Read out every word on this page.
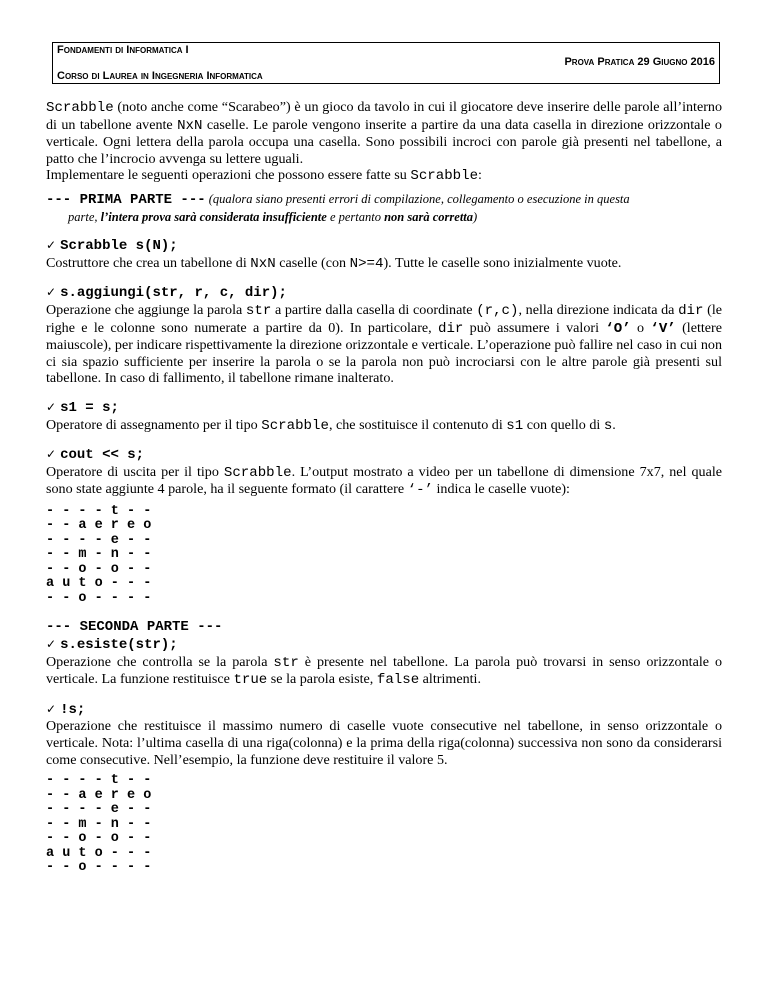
Fondamenti di Informatica I
Corso di Laurea in Ingegneria Informatica
Prova Pratica 29 Giugno 2016

Scrabble (noto anche come “Scarabeo”) è un gioco da tavolo in cui il giocatore deve inserire delle parole all’interno di un tabellone avente NxN caselle. Le parole vengono inserite a partire da una data casella in direzione orizzontale o verticale. Ogni lettera della parola occupa una casella. Sono possibili incroci con parole già presenti nel tabellone, a patto che l’incrocio avvenga su lettere uguali.

Implementare le seguenti operazioni che possono essere fatte su Scrabble:

--- PRIMA PARTE --- (qualora siano presenti errori di compilazione, collegamento o esecuzione in questa
parte, l’intera prova sarà considerata insufficiente e pertanto non sarà corretta)

✓ Scrabble s(N);

Costruttore che crea un tabellone di NxN caselle (con N>=4). Tutte le caselle sono inizialmente vuote.

✓ s.aggiungi(str, r, c, dir);

Operazione che aggiunge la parola str a partire dalla casella di coordinate (r,c), nella direzione indicata da dir (le righe e le colonne sono numerate a partire da 0). In particolare, dir può assumere i valori ‘O’ o ‘V’ (lettere maiuscole), per indicare rispettivamente la direzione orizzontale e verticale. L’operazione può fallire nel caso in cui non ci sia spazio sufficiente per inserire la parola o se la parola non può incrociarsi con le altre parole già presenti sul tabellone. In caso di fallimento, il tabellone rimane inalterato.

✓ s1 = s;

Operatore di assegnamento per il tipo Scrabble, che sostituisce il contenuto di s1 con quello di s.

✓ cout << s;

Operatore di uscita per il tipo Scrabble. L’output mostrato a video per un tabellone di dimensione 7x7, nel quale sono state aggiunte 4 parole, ha il seguente formato (il carattere ‘-’ indica le caselle vuote):

- - - - t - -
- - a e r e o
- - - - e - -
- - m - n - -
- - o - o - -
a u t o - - -
- - o - - - -

--- SECONDA PARTE ---

✓ s.esiste(str);

Operazione che controlla se la parola str è presente nel tabellone. La parola può trovarsi in senso orizzontale o verticale. La funzione restituisce true se la parola esiste, false altrimenti.

✓ !s;

Operazione che restituisce il massimo numero di caselle vuote consecutive nel tabellone, in senso orizzontale o verticale. Nota: l’ultima casella di una riga(colonna) e la prima della riga(colonna) successiva non sono da considerarsi come consecutive. Nell’esempio, la funzione deve restituire il valore 5.

- - - - t - -
- - a e r e o
- - - - e - -
- - m - n - -
- - o - o - -
a u t o - - -
- - o - - - -
